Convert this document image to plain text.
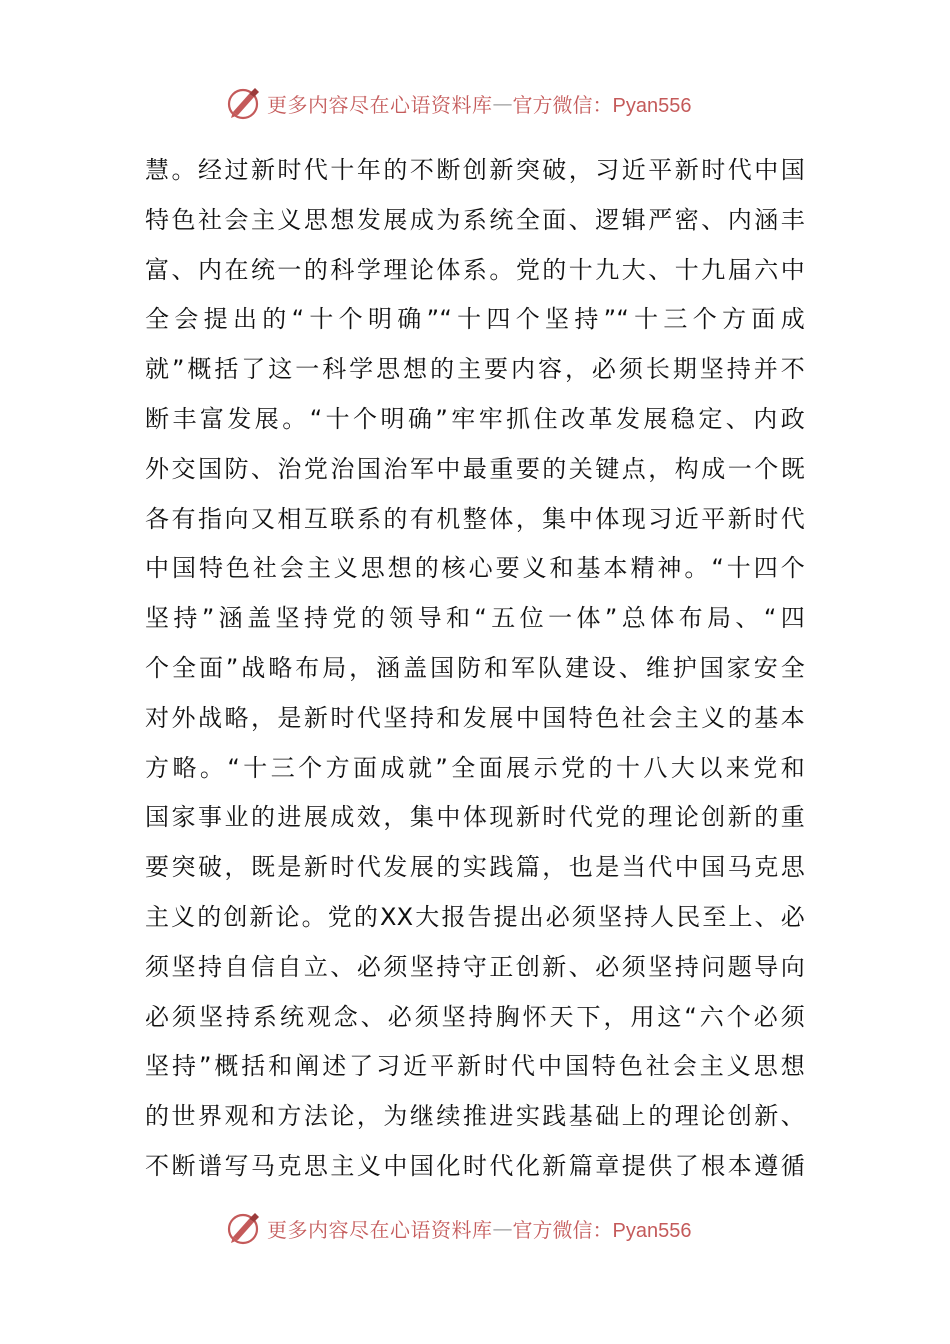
更多内容尽在心语资料库 — 官方微信：Pyan556
慧。经过新时代十年的不断创新突破，习近平新时代中国
特色社会主义思想发展成为系统全面、逻辑严密、内涵丰
富、内在统一的科学理论体系。党的十九大、十九届六中
全会提出的“十个明确”“十四个坚持”“十三个方面成
就”概括了这一科学思想的主要内容，必须长期坚持并不
断丰富发展。“十个明确”牢牢抓住改革发展稳定、内政
外交国防、治党治国治军中最重要的关键点，构成一个既
各有指向又相互联系的有机整体，集中体现习近平新时代
中国特色社会主义思想的核心要义和基本精神。“十四个
坚持”涵盖坚持党的领导和“五位一体”总体布局、“四
个全面”战略布局，涵盖国防和军队建设、维护国家安全
对外战略，是新时代坚持和发展中国特色社会主义的基本
方略。“十三个方面成就”全面展示党的十八大以来党和
国家事业的进展成效，集中体现新时代党的理论创新的重
要突破，既是新时代发展的实践篇，也是当代中国马克思
主义的创新论。党的XX大报告提出必须坚持人民至上、必
须坚持自信自立、必须坚持守正创新、必须坚持问题导向
必须坚持系统观念、必须坚持胸怀天下，用这“六个必须
坚持”概括和阐述了习近平新时代中国特色社会主义思想
的世界观和方法论，为继续推进实践基础上的理论创新、
不断谱写马克思主义中国化时代化新篇章提供了根本遵循
更多内容尽在心语资料库 — 官方微信：Pyan556
